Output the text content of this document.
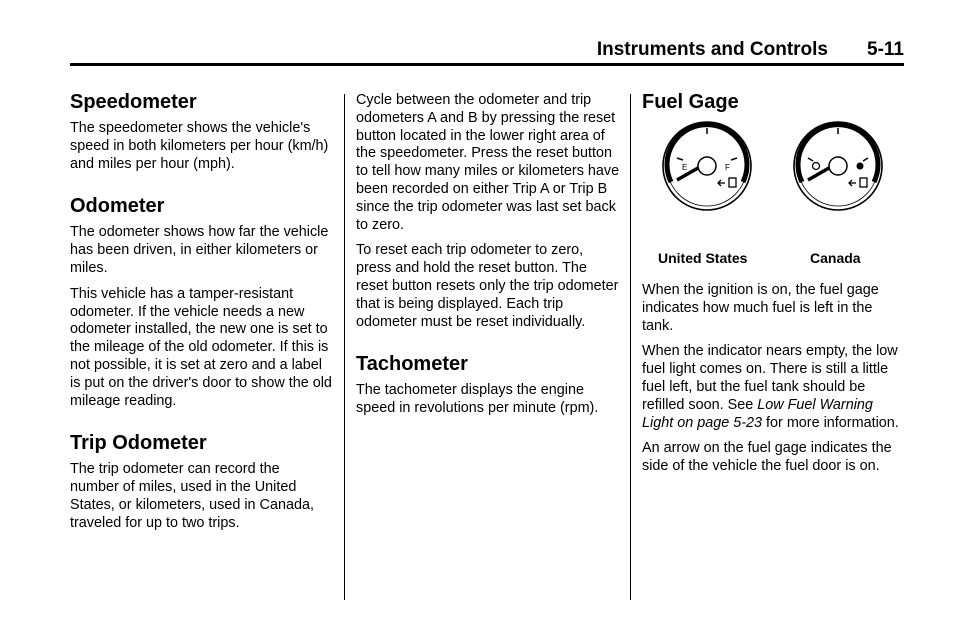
Instruments and Controls 5-11
Speedometer

The speedometer shows the vehicle's speed in both kilometers per hour (km/h) and miles per hour (mph).

Odometer

The odometer shows how far the vehicle has been driven, in either kilometers or miles.

This vehicle has a tamper-resistant odometer. If the vehicle needs a new odometer installed, the new one is set to the mileage of the old odometer. If this is not possible, it is set at zero and a label is put on the driver's door to show the old mileage reading.

Trip Odometer

The trip odometer can record the number of miles, used in the United States, or kilometers, used in Canada, traveled for up to two trips.

Cycle between the odometer and trip odometers A and B by pressing the reset button located in the lower right area of the speedometer. Press the reset button to tell how many miles or kilometers have been recorded on either Trip A or Trip B since the trip odometer was last set back to zero.

To reset each trip odometer to zero, press and hold the reset button. The reset button resets only the trip odometer that is being displayed. Each trip odometer must be reset individually.

Tachometer

The tachometer displays the engine speed in revolutions per minute (rpm).

Fuel Gage
E	F
United States	Canada

When the ignition is on, the fuel gage indicates how much fuel is left in the tank.

When the indicator nears empty, the low fuel light comes on. There is still a little fuel left, but the fuel tank should be refilled soon. See Low Fuel Warning Light on page 5-23 for more information.

An arrow on the fuel gage indicates the side of the vehicle the fuel door is on.
